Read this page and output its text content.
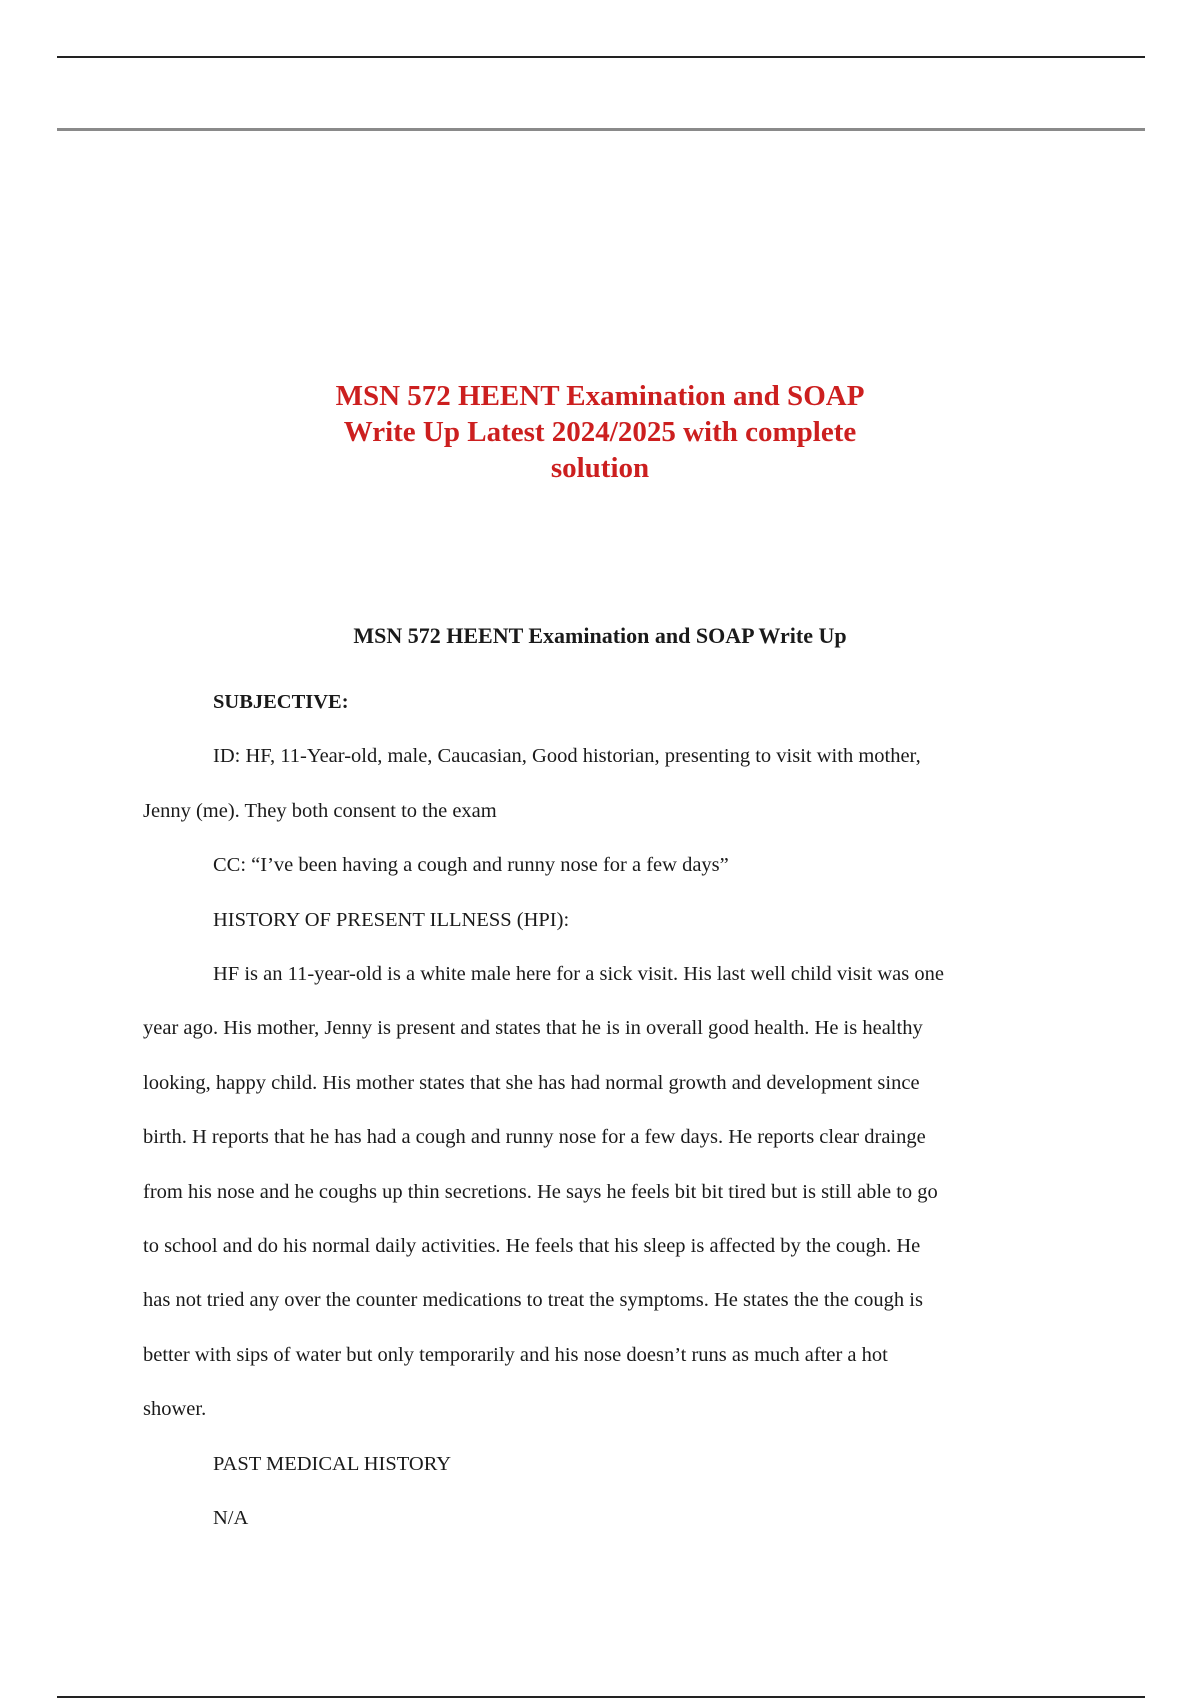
MSN 572 HEENT Examination and SOAP
Write Up Latest 2024/2025 with complete
solution
MSN 572 HEENT Examination and SOAP Write Up
SUBJECTIVE:
ID: HF, 11-Year-old, male, Caucasian, Good historian, presenting to visit with mother,
Jenny (me). They both consent to the exam
CC: “I’ve been having a cough and runny nose for a few days”
HISTORY OF PRESENT ILLNESS (HPI):
HF is an 11-year-old is a white male here for a sick visit. His last well child visit was one
year ago. His mother, Jenny is present and states that he is in overall good health. He is healthy
looking, happy child. His mother states that she has had normal growth and development since
birth. H reports that he has had a cough and runny nose for a few days. He reports clear drainge
from his nose and he coughs up thin secretions. He says he feels bit bit tired but is still able to go
to school and do his normal daily activities. He feels that his sleep is affected by the cough. He
has not tried any over the counter medications to treat the symptoms. He states the the cough is
better with sips of water but only temporarily and his nose doesn’t runs as much after a hot
shower.
PAST MEDICAL HISTORY
N/A
